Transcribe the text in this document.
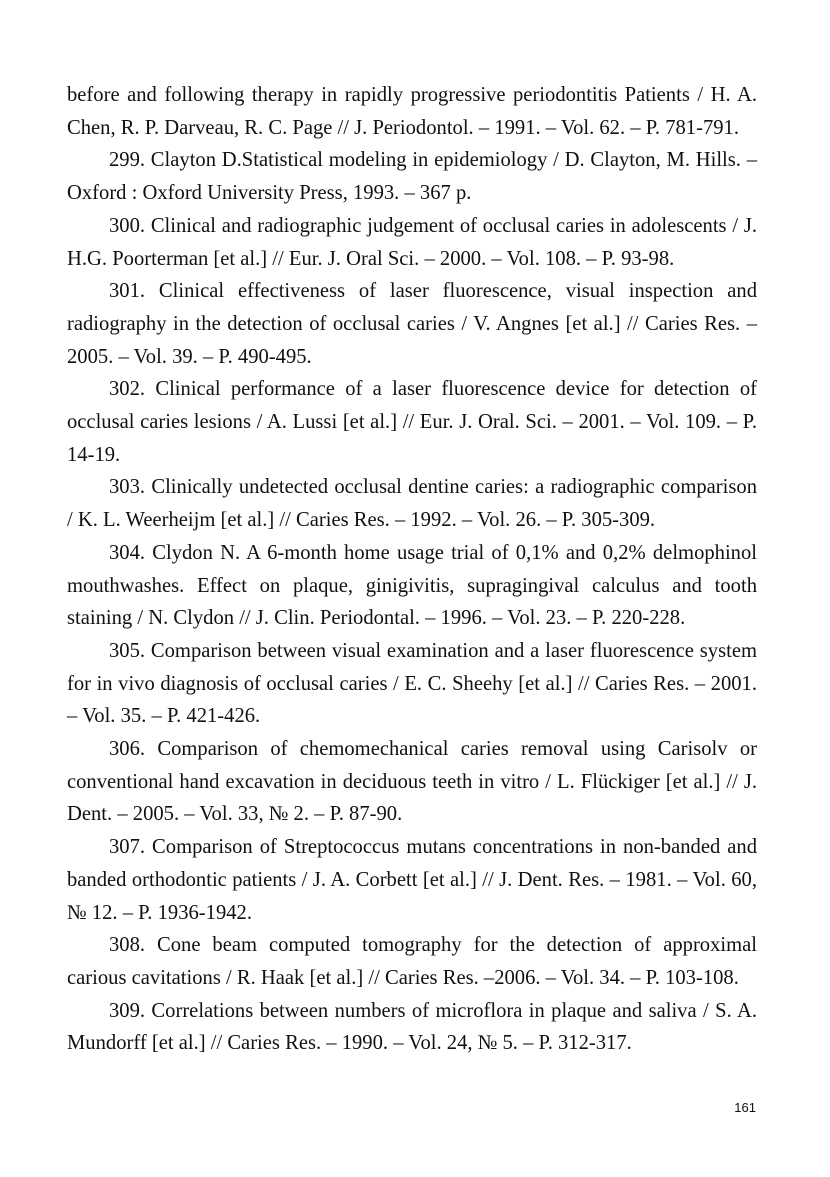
before and following therapy in rapidly progressive periodontitis Patients / H. A. Chen, R. P. Darveau, R. C. Page // J. Periodontol. – 1991. – Vol. 62. – P. 781-791.

299. Clayton D.Statistical modeling in epidemiology / D. Clayton, M. Hills. – Oxford : Oxford University Press, 1993. – 367 p.

300. Clinical and radiographic judgement of occlusal caries in adolescents / J. H.G. Poorterman [et al.] // Eur. J. Oral Sci. – 2000. – Vol. 108. – P. 93-98.

301. Clinical effectiveness of laser fluorescence, visual inspection and radiography in the detection of occlusal caries / V. Angnes [et al.] // Caries Res. – 2005. – Vol. 39. – P. 490-495.

302. Clinical performance of a laser fluorescence device for detection of occlusal caries lesions / A. Lussi [et al.] // Eur. J. Oral. Sci. – 2001. – Vol. 109. – P. 14-19.

303. Clinically undetected occlusal dentine caries: a radiographic comparison / K. L. Weerheijm [et al.] // Caries Res. – 1992. – Vol. 26. – P. 305-309.

304. Clydon N. A 6-month home usage trial of 0,1% and 0,2% delmophinol mouthwashes. Effect on plaque, ginigivitis, supragingival calculus and tooth staining / N. Clydon // J. Clin. Periodontal. – 1996. – Vol. 23. – P. 220-228.

305. Comparison between visual examination and a laser fluorescence system for in vivo diagnosis of occlusal caries / E. C. Sheehy [et al.] // Caries Res. – 2001. – Vol. 35. – P. 421-426.

306. Comparison of chemomechanical caries removal using Carisolv or conventional hand excavation in deciduous teeth in vitro / L. Flückiger [et al.] // J. Dent. – 2005. – Vol. 33, № 2. – P. 87-90.

307. Comparison of Streptococcus mutans concentrations in non-banded and banded orthodontic patients / J. A. Corbett [et al.] // J. Dent. Res. – 1981. – Vol. 60, № 12. – P. 1936-1942.

308. Cone beam computed tomography for the detection of approximal carious cavitations / R. Haak [et al.] // Caries Res. –2006. – Vol. 34. – P. 103-108.

309. Correlations between numbers of microflora in plaque and saliva / S. A. Mundorff [et al.] // Caries Res. – 1990. – Vol. 24, № 5. – P. 312-317.

161
